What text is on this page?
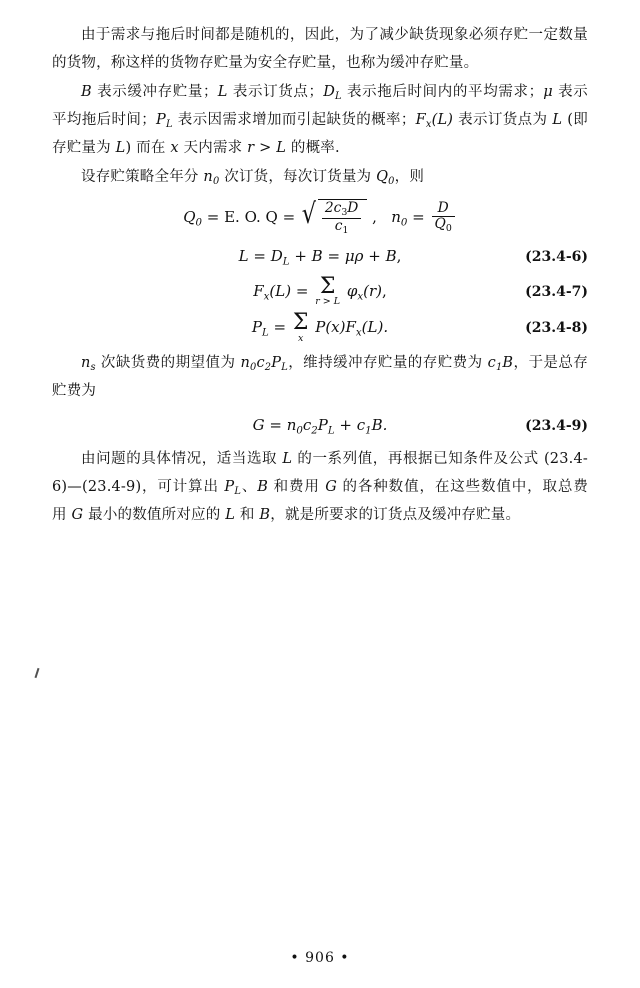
由于需求与拖后时间都是随机的，因此，为了减少缺货现象必须存贮一定数量的货物，称这样的货物存贮量为安全存贮量，也称为缓冲存贮量。

B 表示缓冲存贮量；L 表示订货点；$D_L$ 表示拖后时间内的平均需求；μ 表示平均拖后时间；$P_L$ 表示因需求增加而引起缺货的概率；$F_x(L)$ 表示订货点为 L (即存贮量为 L) 而在 x 天内需求 r > L 的概率.

设存贮策略全年分 $n_0$ 次订货，每次订货量为 $Q_0$，则

$Q_0 = E$. O. Q = √ $\frac{2c_3D}{c_1}$ , $n_0 = \frac{D}{Q_0}$
$L = D_L + B = \mu\rho + B$,	(23.4-6)
$F_x(L) = \Sigma$
r > L
$\varphi_x(r)$,	(23.4-7)
$P_L = \Sigma$
x
$P(x)F_x(L)$.	(23.4-8)

$n_s$ 次缺货费的期望值为 $n_0c_2P_L$，维持缓冲存贮量的存贮费为 $c_1B$，于是总存贮费为

$G = n_0c_2P_L + c_1B$.	(23.4-9)

由问题的具体情况，适当选取 L 的一系列值，再根据已知条件及公式 (23.4-6)—(23.4-9)，可计算出 $P_L$、B 和费用 G 的各种数值，在这些数值中，取总费用 G 最小的数值所对应的 L 和 B，就是所要求的订货点及缓冲存贮量。

• 906 •
